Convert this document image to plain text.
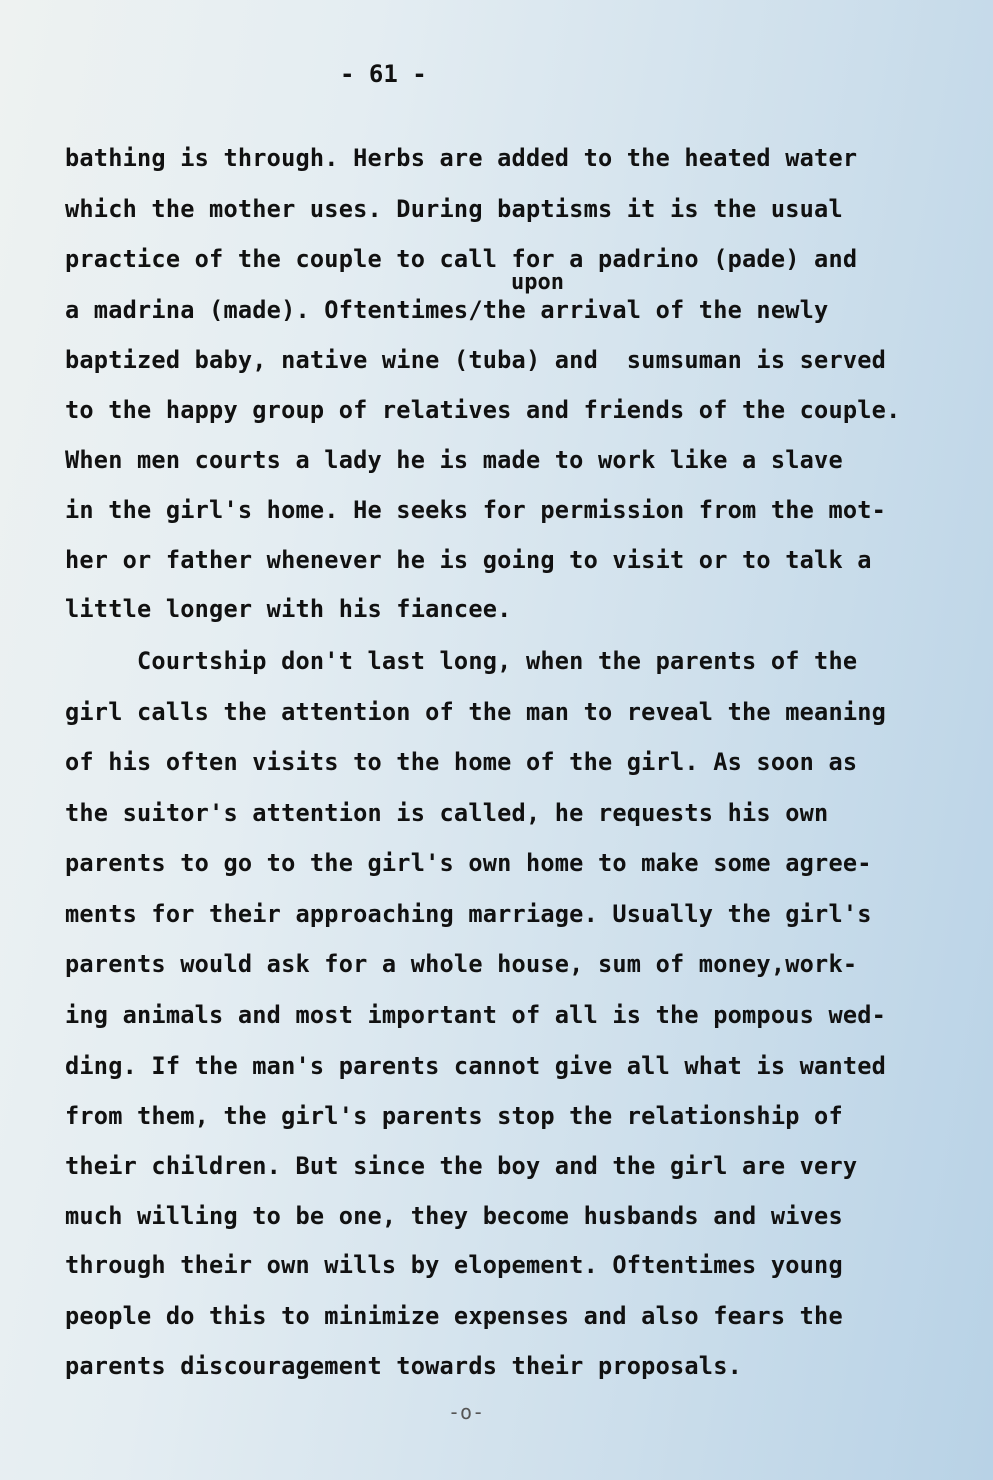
- 61 -
upon
bathing is through. Herbs are added to the heated water
which the mother uses. During baptisms it is the usual
practice of the couple to call for a padrino (pade) and
a madrina (made). Oftentimes/the arrival of the newly
baptized baby, native wine (tuba) and  sumsuman is served
to the happy group of relatives and friends of the couple.
When men courts a lady he is made to work like a slave
in the girl's home. He seeks for permission from the mot-
her or father whenever he is going to visit or to talk a
little longer with his fiancee.
Courtship don't last long, when the parents of the
girl calls the attention of the man to reveal the meaning
of his often visits to the home of the girl. As soon as
the suitor's attention is called, he requests his own
parents to go to the girl's own home to make some agree-
ments for their approaching marriage. Usually the girl's
parents would ask for a whole house, sum of money,work-
ing animals and most important of all is the pompous wed-
ding. If the man's parents cannot give all what is wanted
from them, the girl's parents stop the relationship of
their children. But since the boy and the girl are very
much willing to be one, they become husbands and wives
through their own wills by elopement. Oftentimes young
people do this to minimize expenses and also fears the
parents discouragement towards their proposals.
-o-
